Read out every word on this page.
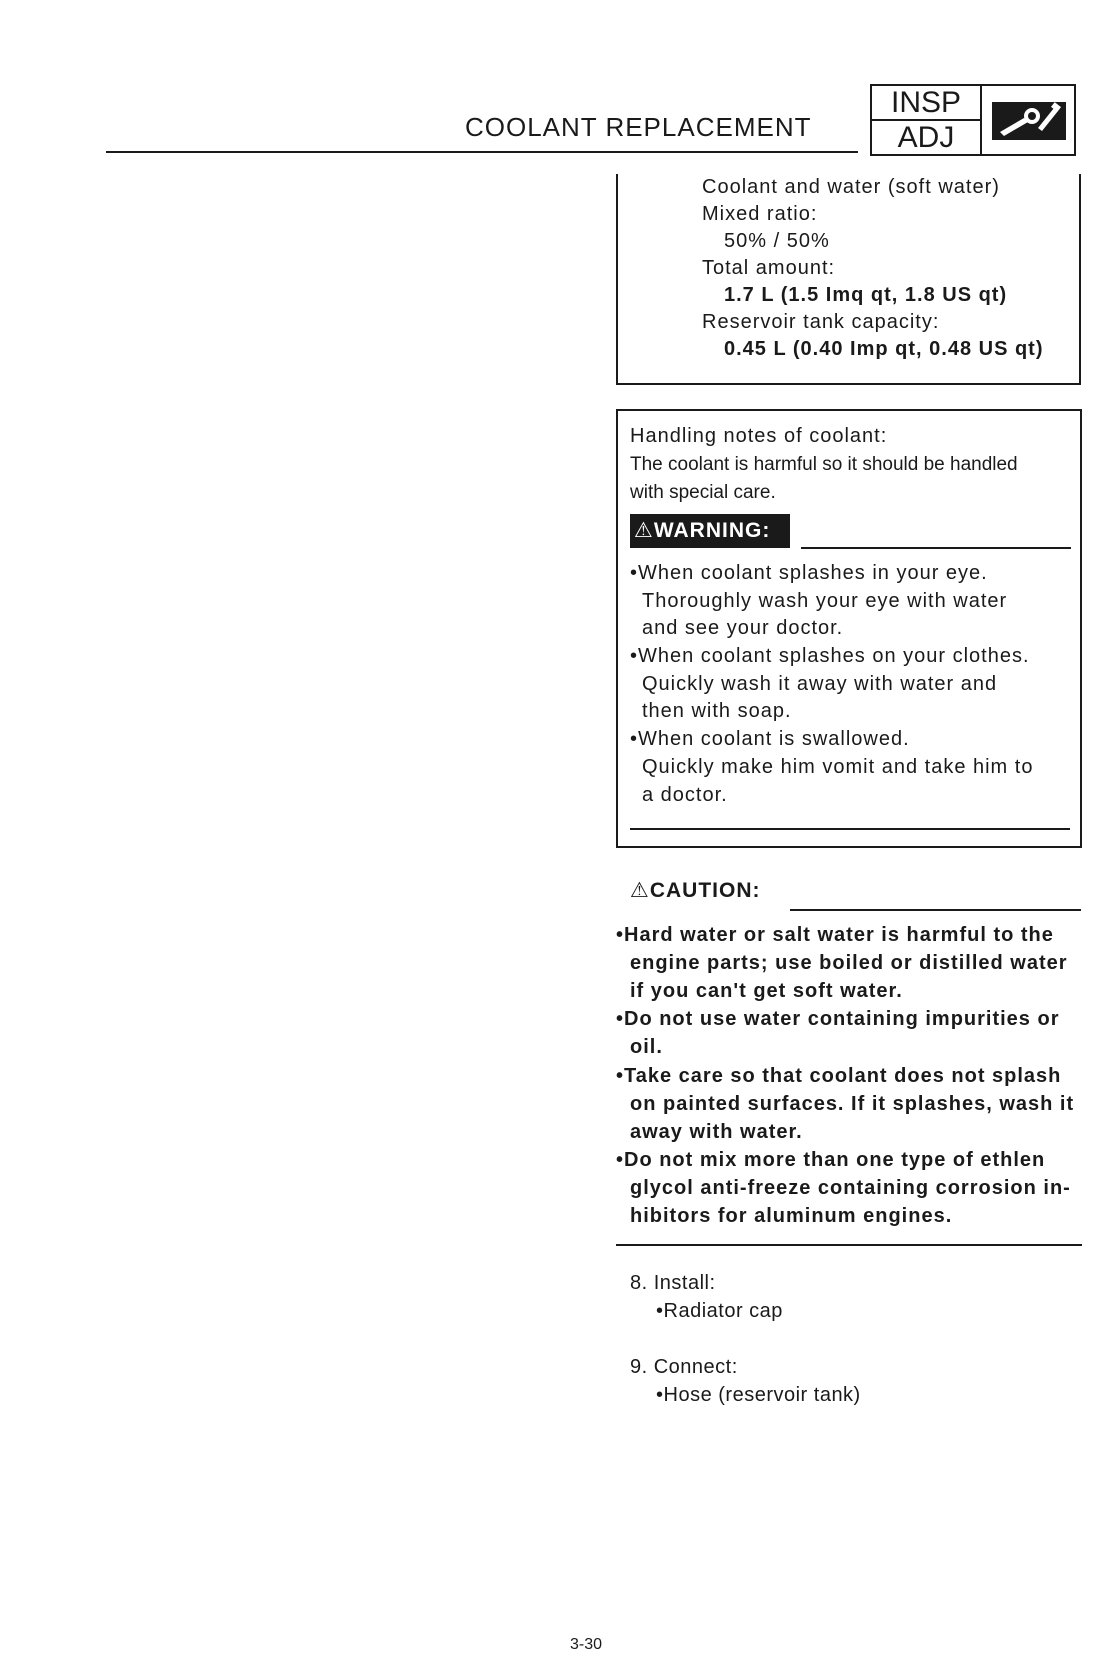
COOLANT REPLACEMENT
INSP
ADJ
Coolant and water (soft water)
Mixed ratio:
50% / 50%
Total amount:
1.7 L (1.5 Imq qt, 1.8 US qt)
Reservoir tank capacity:
0.45 L (0.40 Imp qt, 0.48 US qt)
Handling notes of coolant:
The coolant is harmful so it should be handled
with special care.
⚠WARNING:
•When coolant splashes in your eye.
Thoroughly wash your eye with water
and see your doctor.
•When coolant splashes on your clothes.
Quickly wash it away with water and
then with soap.
•When coolant is swallowed.
Quickly make him vomit and take him to
a doctor.
⚠CAUTION:
•Hard water or salt water is harmful to the
engine parts; use boiled or distilled water
if you can't get soft water.
•Do not use water containing impurities or
oil.
•Take care so that coolant does not splash
on painted surfaces. If it splashes, wash it
away with water.
•Do not mix more than one type of ethlen
glycol anti-freeze containing corrosion in-
hibitors for aluminum engines.
8. Install:
•Radiator cap
9. Connect:
•Hose (reservoir tank)
3-30
